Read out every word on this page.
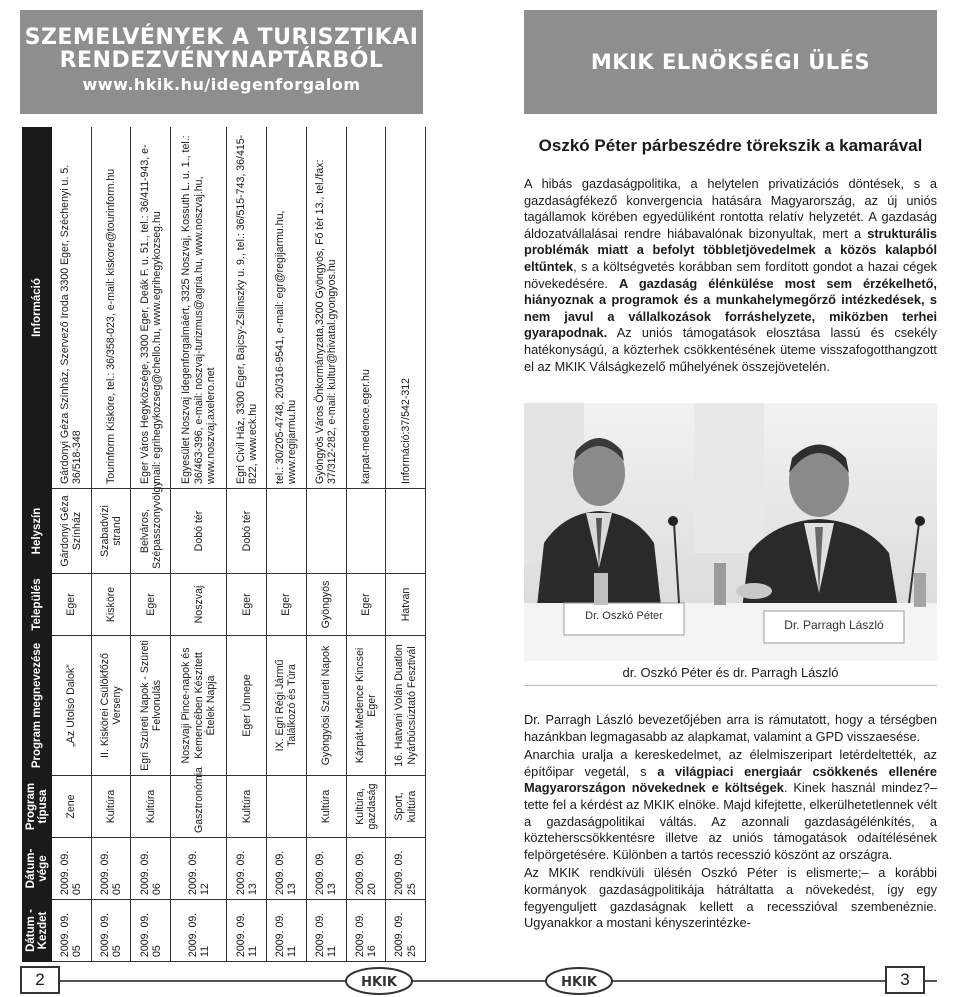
SZEMELVÉNYEK A TURISZTIKAI
RENDEZVÉNYNAPTÁRBÓL
www.hkik.hu/idegenforgalom
MKIK ELNÖKSÉGI ÜLÉS
Dátum - Kezdet	Dátum-vége	Program típusa	Program megnevezése	Település	Helyszín	Információ
2009. 09. 05	2009. 09. 05	Zene	„Az Utolsó Dalok”	Eger	Gárdonyi Géza Színház	Gárdonyi Géza Színház, Szervező Iroda 3300 Eger, Széchenyi u. 5. 36/518-348
2009. 09. 05	2009. 09. 05	Kultúra	II. Kiskörei Csülökfőző Verseny	Kisköre	Szabadvízi strand	Tourinform Kisköre, tel.: 36/358-023, e-mail: kiskore@tourinform.hu
2009. 09. 05	2009. 09. 06	Kultúra	Egri Szüreti Napok - Szüreti Felvonulás	Eger	Belváros, Szépasszonyvölgy	Eger Város Hegyközsége, 3300 Eger, Deák F. u. 51., tel.: 36/411-943, e-mail: egrihegykozseg@chello.hu, www.egrihegykozseg.hu
2009. 09. 11	2009. 09. 12	Gasztronómia	Noszvaji Pince-napok és Kemencében Készített Ételek Napja	Noszvaj	Dobó tér	Egyesület Noszvaj Idegenforgalmáért, 3325 Noszvaj, Kossuth L. u. 1., tel.: 36/463-396, e-mail: noszvaj-turizmus@agria.hu, www.noszvaj.hu, www.noszvaj.axelero.net
2009. 09. 11	2009. 09. 13	Kultúra	Eger Ünnepe	Eger	Dobó tér	Egri Civil Ház, 3300 Eger, Bajcsy-Zsilinszky u. 9., tel.: 36/515-743, 36/415-822, www.eck.hu
2009. 09. 11	2009. 09. 13		IX. Egri Régi Jármű Találkozó és Túra	Eger		tel.: 30/205-4748, 20/316-9541, e-mail: egr@regijarmu.hu, www.regijarmu.hu
2009. 09. 11	2009. 09. 13	Kultúra	Gyöngyösi Szüreti Napok	Gyöngyös		Gyöngyös Város Önkormányzata,3200 Gyöngyös, Fő tér 13., tel./fax: 37/312-282, e-mail: kultur@hivatal.gyongyos.hu
2009. 09. 16	2009. 09. 20	Kultúra, gazdaság	Kárpát-Medence Kincsei Eger	Eger		karpat-medence.eger.hu
2009. 09. 25	2009. 09. 25	Sport, kultúra	16. Hatvani Volán Duatlon Nyárbúcsúztató Fesztivál	Hatvan		Információ:37/542-312
Oszkó Péter párbeszédre törekszik a kamarával

A hibás gazdaságpolitika, a helytelen privatizációs döntések, s a gazdaságfékező konvergencia hatására Magyarország, az új uniós tagállamok körében egyedüliként rontotta relatív helyzetét. A gazdaság áldozatvállalásai rendre hiábavalónak bizonyultak, mert a strukturális problémák miatt a befolyt többletjövedelmek a közös kalapból eltűntek, s a költségvetés korábban sem fordított gondot a hazai cégek növekedésére. A gazdaság élénkülése most sem érzékelhető, hiányoznak a programok és a munkahelymegőrző intézkedések, s nem javul a vállalkozások forráshelyzete, miközben terhei gyarapodnak. Az uniós támogatások elosztása lassú és csekély hatékonyságú, a közterhek csökkentésének üteme visszafogotthangzott el az MKIK Válságkezelő műhelyének összejövetelén.

Dr. Oszkó Péter
Dr. Parragh László
dr. Oszkó Péter és dr. Parragh László

Dr. Parragh László bevezetőjében arra is rámutatott, hogy a térségben hazánkban legmagasabb az alapkamat, valamint a GPD visszaesése.

Anarchia uralja a kereskedelmet, az élelmiszeripart letérdeltették, az építőipar vegetál, s a világpiaci energiaár csökkenés ellenére Magyarországon növekednek e költségek. Kinek használ mindez?– tette fel a kérdést az MKIK elnöke. Majd kifejtette, elkerülhetetlennek vélt a gazdaságpolitikai váltás. Az azonnali gazdaságélénkítés, a közteherscsökkentésre illetve az uniós támogatások odaítélésének felpörgetésére. Különben a tartós recesszió köszönt az országra.

Az MKIK rendkívüli ülésén Oszkó Péter is elismerte;– a korábbi kormányok gazdaságpolitikája hátráltatta a növekedést, így egy fegyenguljett gazdaságnak kellett a recesszióval szembenéznie. Ugyanakkor a mostani kényszerintézke-

2	3
HKIK	HKIK
